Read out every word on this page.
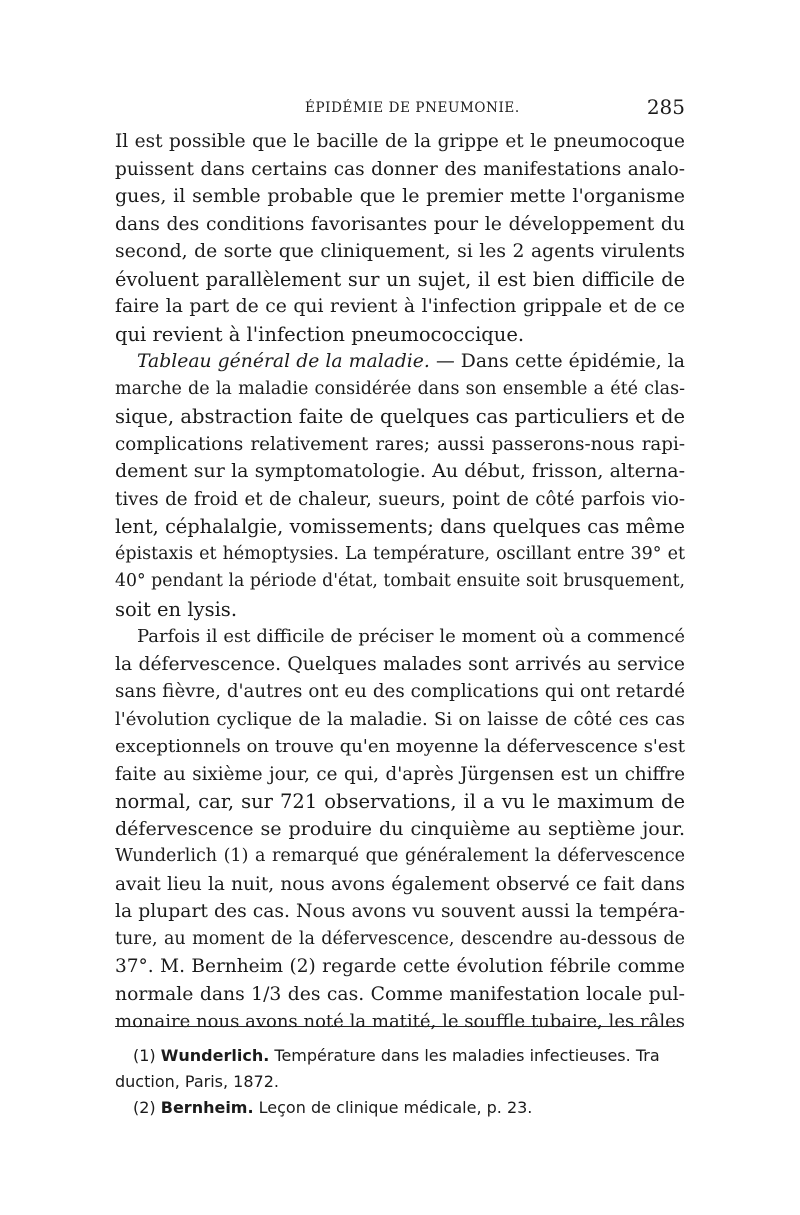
ÉPIDÉMIE DE PNEUMONIE.	285
Il est possible que le bacille de la grippe et le pneumocoque
puissent dans certains cas donner des manifestations analo-
gues, il semble probable que le premier mette l'organisme
dans des conditions favorisantes pour le développement du
second, de sorte que cliniquement, si les 2 agents virulents
évoluent parallèlement sur un sujet, il est bien difficile de
faire la part de ce qui revient à l'infection grippale et de ce
qui revient à l'infection pneumococcique.
Tableau général de la maladie. — Dans cette épidémie, la
marche de la maladie considérée dans son ensemble a été clas-
sique, abstraction faite de quelques cas particuliers et de
complications relativement rares; aussi passerons-nous rapi-
dement sur la symptomatologie. Au début, frisson, alterna-
tives de froid et de chaleur, sueurs, point de côté parfois vio-
lent, céphalalgie, vomissements; dans quelques cas même
épistaxis et hémoptysies. La température, oscillant entre 39° et
40° pendant la période d'état, tombait ensuite soit brusquement,
soit en lysis.
Parfois il est difficile de préciser le moment où a commencé
la défervescence. Quelques malades sont arrivés au service
sans fièvre, d'autres ont eu des complications qui ont retardé
l'évolution cyclique de la maladie. Si on laisse de côté ces cas
exceptionnels on trouve qu'en moyenne la défervescence s'est
faite au sixième jour, ce qui, d'après Jürgensen est un chiffre
normal, car, sur 721 observations, il a vu le maximum de
défervescence se produire du cinquième au septième jour.
Wunderlich (1) a remarqué que généralement la défervescence
avait lieu la nuit, nous avons également observé ce fait dans
la plupart des cas. Nous avons vu souvent aussi la tempéra-
ture, au moment de la défervescence, descendre au-dessous de
37°. M. Bernheim (2) regarde cette évolution fébrile comme
normale dans 1/3 des cas. Comme manifestation locale pul-
monaire nous avons noté la matité, le souffle tubaire, les râles
(1) Wunderlich. Température dans les maladies infectieuses. Tra
duction, Paris, 1872.
(2) Bernheim. Leçon de clinique médicale, p. 23.
